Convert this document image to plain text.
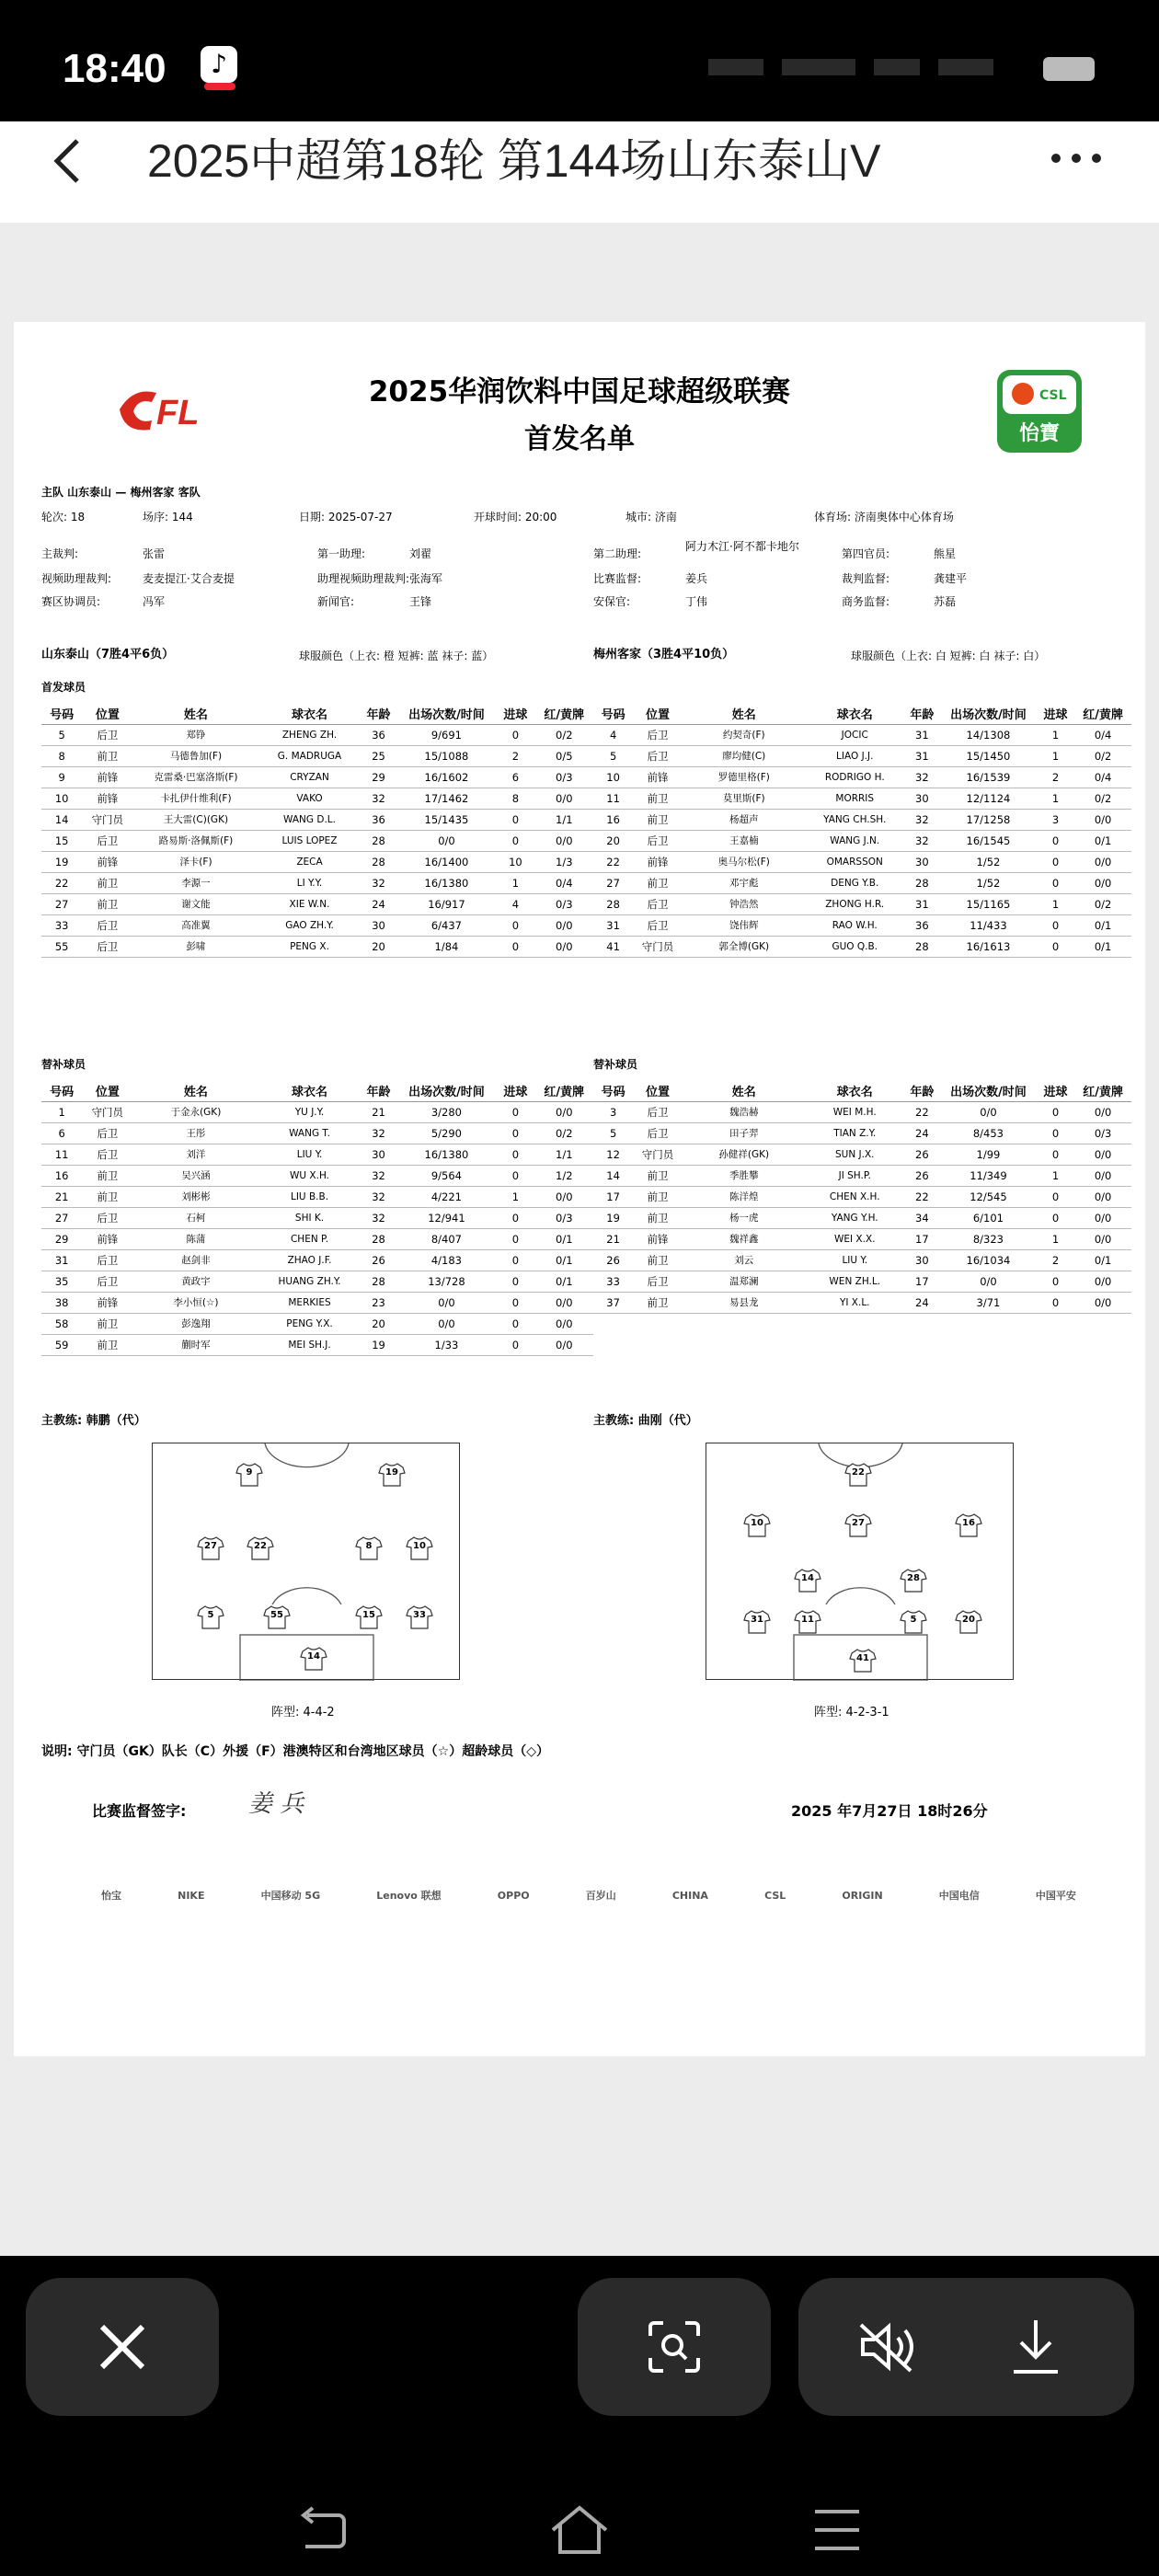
18:40	♪
2025中超第18轮 第144场山东泰山V
FL	CSL
怡寶
2025华润饮料中国足球超级联赛
首发名单
主队 山东泰山 — 梅州客家 客队
轮次: 18	场序: 144	日期: 2025-07-27	开球时间: 20:00	城市: 济南	体育场: 济南奥体中心体育场
主裁判:	张雷	第一助理:	刘翟	第二助理:
阿力木江·阿不都卡地尔
第四官员:	熊星
视频助理裁判:	麦麦提江·艾合麦提	助理视频助理裁判: 张海军	比赛监督:	姜兵	裁判监督:	龚建平
赛区协调员:	冯军	新闻官:	王锋	安保官:	丁伟	商务监督:	苏磊
山东泰山（7胜4平6负）	球服颜色（上衣: 橙 短裤: 蓝 袜子: 蓝）	梅州客家（3胜4平10负）	球服颜色（上衣: 白 短裤: 白 袜子: 白）
首发球员
号码	位置	姓名	球衣名	年龄	出场次数/时间	进球	红/黄牌
5	后卫	郑铮	ZHENG ZH.	36	9/691	0	0/2
8	前卫	马德鲁加(F)	G. MADRUGA	25	15/1088	2	0/5
9	前锋	克雷桑·巴塞洛斯(F)	CRYZAN	29	16/1602	6	0/3
10	前锋	卡扎伊什维利(F)	VAKO	32	17/1462	8	0/0
14	守门员	王大雷(C)(GK)	WANG D.L.	36	15/1435	0	1/1
15	后卫	路易斯·洛佩斯(F)	LUIS LOPEZ	28	0/0	0	0/0
19	前锋	泽卡(F)	ZECA	28	16/1400	10	1/3
22	前卫	李源一	LI Y.Y.	32	16/1380	1	0/4
27	前卫	谢文能	XIE W.N.	24	16/917	4	0/3
33	后卫	高准翼	GAO ZH.Y.	30	6/437	0	0/0
55	后卫	彭啸	PENG X.	20	1/84	0	0/0
号码	位置	姓名	球衣名	年龄	出场次数/时间	进球	红/黄牌
4	后卫	约契奇(F)	JOCIC	31	14/1308	1	0/4
5	后卫	廖均健(C)	LIAO J.J.	31	15/1450	1	0/2
10	前锋	罗德里格(F)	RODRIGO H.	32	16/1539	2	0/4
11	前卫	莫里斯(F)	MORRIS	30	12/1124	1	0/2
16	前卫	杨超声	YANG CH.SH.	32	17/1258	3	0/0
20	后卫	王嘉楠	WANG J.N.	32	16/1545	0	0/1
22	前锋	奥马尔松(F)	OMARSSON	30	1/52	0	0/0
27	前卫	邓宇彪	DENG Y.B.	28	1/52	0	0/0
28	后卫	钟浩然	ZHONG H.R.	31	15/1165	1	0/2
31	后卫	饶伟辉	RAO W.H.	36	11/433	0	0/1
41	守门员	郭全博(GK)	GUO Q.B.	28	16/1613	0	0/1
替补球员
号码	位置	姓名	球衣名	年龄	出场次数/时间	进球	红/黄牌
1	守门员	于金永(GK)	YU J.Y.	21	3/280	0	0/0
6	后卫	王彤	WANG T.	32	5/290	0	0/2
11	后卫	刘洋	LIU Y.	30	16/1380	0	1/1
16	前卫	吴兴涵	WU X.H.	32	9/564	0	1/2
21	前卫	刘彬彬	LIU B.B.	32	4/221	1	0/0
27	后卫	石柯	SHI K.	32	12/941	0	0/3
29	前锋	陈蒲	CHEN P.	28	8/407	0	0/1
31	后卫	赵剑非	ZHAO J.F.	26	4/183	0	0/1
35	后卫	黄政宇	HUANG ZH.Y.	28	13/728	0	0/1
38	前锋	李小恒(☆)	MERKIES	23	0/0	0	0/0
58	前卫	彭逸翔	PENG Y.X.	20	0/0	0	0/0
59	前卫	蒯时军	MEI SH.J.	19	1/33	0	0/0
替补球员
号码	位置	姓名	球衣名	年龄	出场次数/时间	进球	红/黄牌
3	后卫	魏浩赫	WEI M.H.	22	0/0	0	0/0
5	后卫	田子羿	TIAN Z.Y.	24	8/453	0	0/3
12	守门员	孙健祥(GK)	SUN J.X.	26	1/99	0	0/0
14	前卫	季胜攀	JI SH.P.	26	11/349	1	0/0
17	前卫	陈洋煌	CHEN X.H.	22	12/545	0	0/0
19	前卫	杨一虎	YANG Y.H.	34	6/101	0	0/0
21	前锋	魏祥鑫	WEI X.X.	17	8/323	1	0/0
26	前卫	刘云	LIU Y.	30	16/1034	2	0/1
33	后卫	温郑澜	WEN ZH.L.	17	0/0	0	0/0
37	前卫	易县龙	YI X.L.	24	3/71	0	0/0
主教练: 韩鹏（代）	主教练: 曲刚（代）
9	19
27	22	8	10
5	55	15	33
14
22
10	27	16
14	28
31	11	5	20
41
阵型: 4-4-2	阵型: 4-2-3-1
说明: 守门员（GK）队长（C）外援（F）港澳特区和台湾地区球员（☆）超龄球员（◇）
比赛监督签字:	姜 兵	2025 年7月27日 18时26分
怡宝	NIKE	中国移动 5G	Lenovo 联想	OPPO	百岁山	CHINA	CSL	ORIGIN	中国电信	中国平安
